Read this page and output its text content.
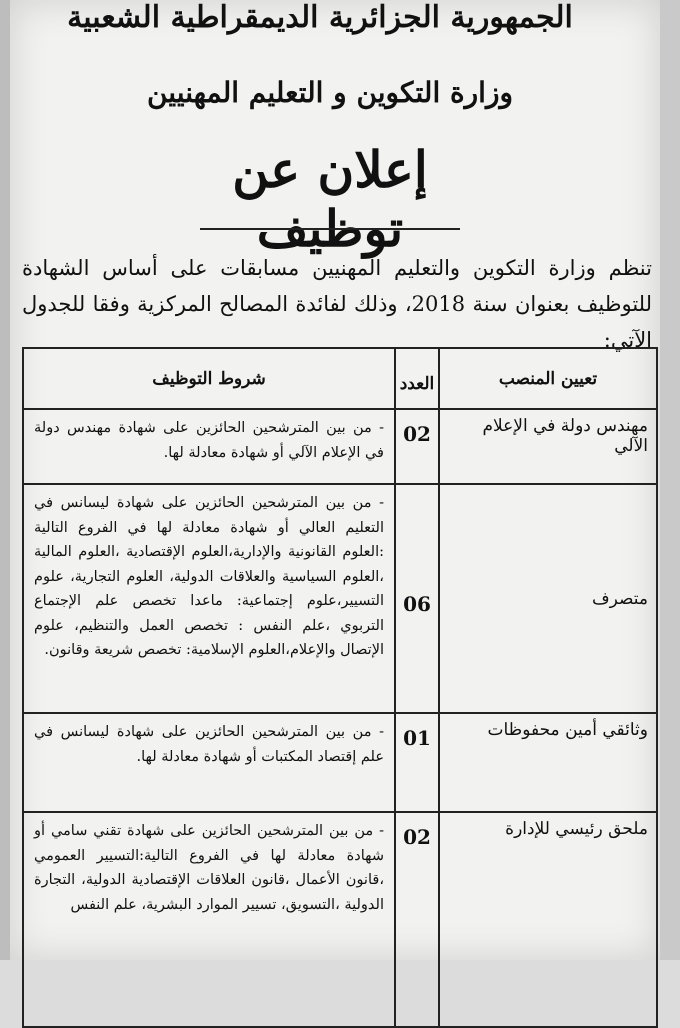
الجمهورية الجزائرية الديمقراطية الشعبية
وزارة التكوين و التعليم المهنيين
إعلان عن توظيف
تنظم وزارة التكوين والتعليم المهنيين مسابقات على أساس الشهادة للتوظيف بعنوان سنة 2018، وذلك لفائدة المصالح المركزية وفقا للجدول الآتي:
تعيين المنصب	العدد	شروط التوظيف
مهندس دولة في الإعلام الآلي	02	- من بين المترشحين الحائزين على شهادة مهندس دولة في الإعلام الآلي أو شهادة معادلة لها.
متصرف	06	- من بين المترشحين الحائزين على شهادة ليسانس في التعليم العالي أو شهادة معادلة لها في الفروع التالية :العلوم القانونية والإدارية،العلوم الإقتصادية ،العلوم المالية ،العلوم السياسية والعلاقات الدولية، العلوم التجارية، علوم التسيير،علوم إجتماعية: ماعدا تخصص علم الإجتماع التربوي ،علم النفس : تخصص العمل والتنظيم، علوم الإتصال والإعلام،العلوم الإسلامية: تخصص شريعة وقانون.
وثائقي أمين محفوظات	01	- من بين المترشحين الحائزين على شهادة ليسانس في علم إقتصاد المكتبات أو شهادة معادلة لها.
ملحق رئيسي للإدارة	02	- من بين المترشحين الحائزين على شهادة تقني سامي أو شهادة معادلة لها في الفروع التالية:التسيير العمومي ،قانون الأعمال ،قانون العلاقات الإقتصادية الدولية، التجارة الدولية ،التسويق، تسيير الموارد البشرية، علم النفس
